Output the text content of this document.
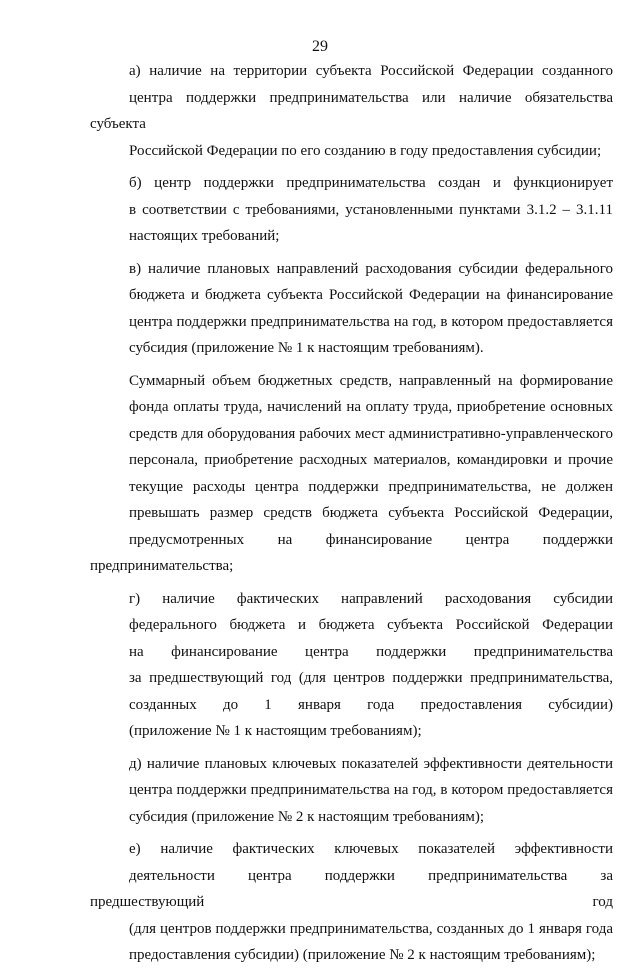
29
а) наличие на территории субъекта Российской Федерации созданного
центра поддержки предпринимательства или наличие обязательства субъекта
Российской Федерации по его созданию в году предоставления субсидии;
б) центр поддержки предпринимательства создан и функционирует
в соответствии с требованиями, установленными пунктами 3.1.2 – 3.1.11
настоящих требований;
в) наличие плановых направлений расходования субсидии федерального
бюджета и бюджета субъекта Российской Федерации на финансирование
центра поддержки предпринимательства на год, в котором предоставляется
субсидия (приложение № 1 к настоящим требованиям).
Суммарный объем бюджетных средств, направленный на формирование
фонда оплаты труда, начислений на оплату труда, приобретение основных
средств для оборудования рабочих мест административно-управленческого
персонала, приобретение расходных материалов, командировки и прочие
текущие расходы центра поддержки предпринимательства, не должен
превышать размер средств бюджета субъекта Российской Федерации,
предусмотренных на финансирование центра поддержки предпринимательства;
г) наличие фактических направлений расходования субсидии
федерального бюджета и бюджета субъекта Российской Федерации
на финансирование центра поддержки предпринимательства
за предшествующий год (для центров поддержки предпринимательства,
созданных до 1 января года предоставления субсидии)
(приложение № 1 к настоящим требованиям);
д) наличие плановых ключевых показателей эффективности деятельности
центра поддержки предпринимательства на год, в котором предоставляется
субсидия (приложение № 2 к настоящим требованиям);
е) наличие фактических ключевых показателей эффективности
деятельности центра поддержки предпринимательства за предшествующий год
(для центров поддержки предпринимательства, созданных до 1 января года
предоставления субсидии) (приложение № 2 к настоящим требованиям);
